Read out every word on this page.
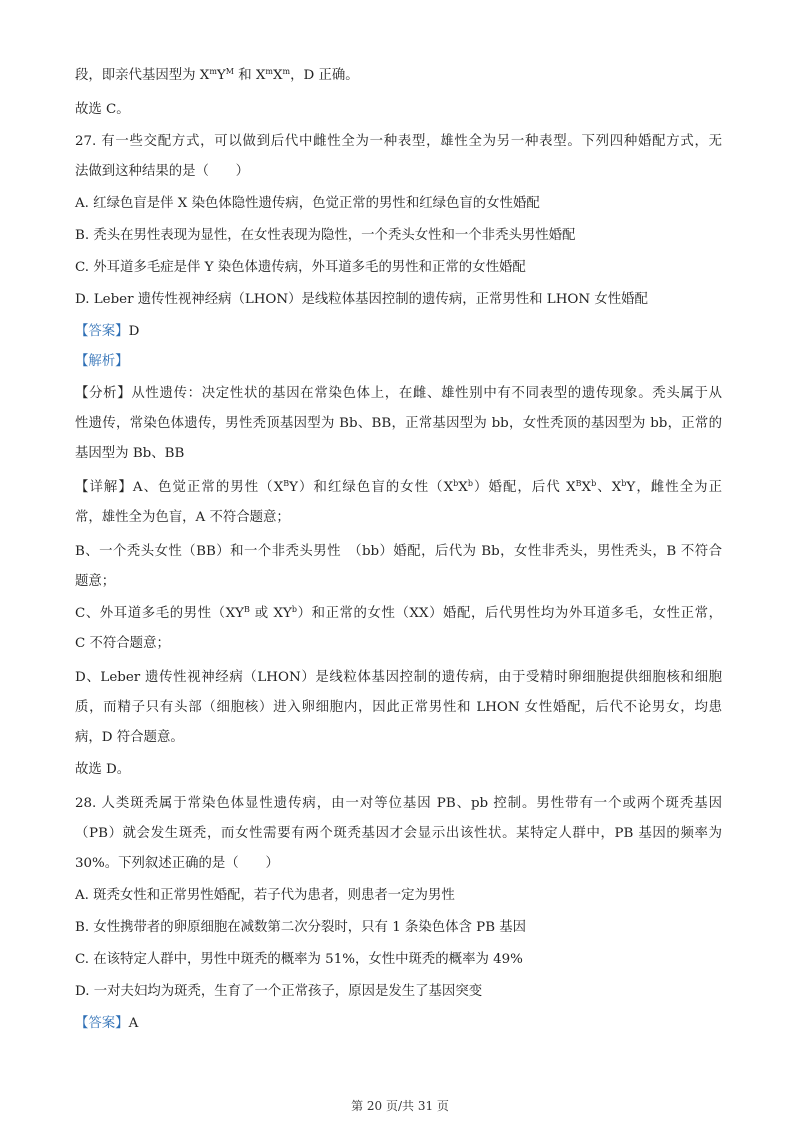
段，即亲代基因型为 $X^mY^M$ 和 $X^mX^m$，D 正确。
故选 C。
27. 有一些交配方式，可以做到后代中雌性全为一种表型，雄性全为另一种表型。下列四种婚配方式，无
法做到这种结果的是（　　）
A. 红绿色盲是伴 X 染色体隐性遗传病，色觉正常的男性和红绿色盲的女性婚配
B. 秃头在男性表现为显性，在女性表现为隐性，一个秃头女性和一个非秃头男性婚配
C. 外耳道多毛症是伴 Y 染色体遗传病，外耳道多毛的男性和正常的女性婚配
D. Leber 遗传性视神经病（LHON）是线粒体基因控制的遗传病，正常男性和 LHON 女性婚配
【答案】D
【解析】
【分析】从性遗传：决定性状的基因在常染色体上，在雌、雄性别中有不同表型的遗传现象。秃头属于从
性遗传，常染色体遗传，男性秃顶基因型为 Bb、BB，正常基因型为 bb，女性秃顶的基因型为 bb，正常的
基因型为 Bb、BB
【详解】A、色觉正常的男性$(X^BY)$和红绿色盲的女性$(X^bX^b)$婚配，后代 $X^BX^b$、$X^bY$，雌性全为正
常，雄性全为色盲，A 不符合题意；
B、一个秃头女性（BB）和一个非秃头男性　（bb）婚配，后代为 Bb，女性非秃头，男性秃头，B 不符合
题意；
C、外耳道多毛的男性（$XY^B$ 或 $XY^b$）和正常的女性（XX）婚配，后代男性均为外耳道多毛，女性正常，
C 不符合题意；
D、Leber 遗传性视神经病（LHON）是线粒体基因控制的遗传病，由于受精时卵细胞提供细胞核和细胞
质，而精子只有头部（细胞核）进入卵细胞内，因此正常男性和 LHON 女性婚配，后代不论男女，均患
病，D 符合题意。
故选 D。
28. 人类斑秃属于常染色体显性遗传病，由一对等位基因 PB、pb 控制。男性带有一个或两个斑秃基因
（PB）就会发生斑秃，而女性需要有两个斑秃基因才会显示出该性状。某特定人群中，PB 基因的频率为
30%。下列叙述正确的是（　　）
A. 斑秃女性和正常男性婚配，若子代为患者，则患者一定为男性
B. 女性携带者的卵原细胞在减数第二次分裂时，只有 1 条染色体含 PB 基因
C. 在该特定人群中，男性中斑秃的概率为 51%，女性中斑秃的概率为 49%
D. 一对夫妇均为斑秃，生育了一个正常孩子，原因是发生了基因突变
【答案】A
第 20 页/共 31 页
